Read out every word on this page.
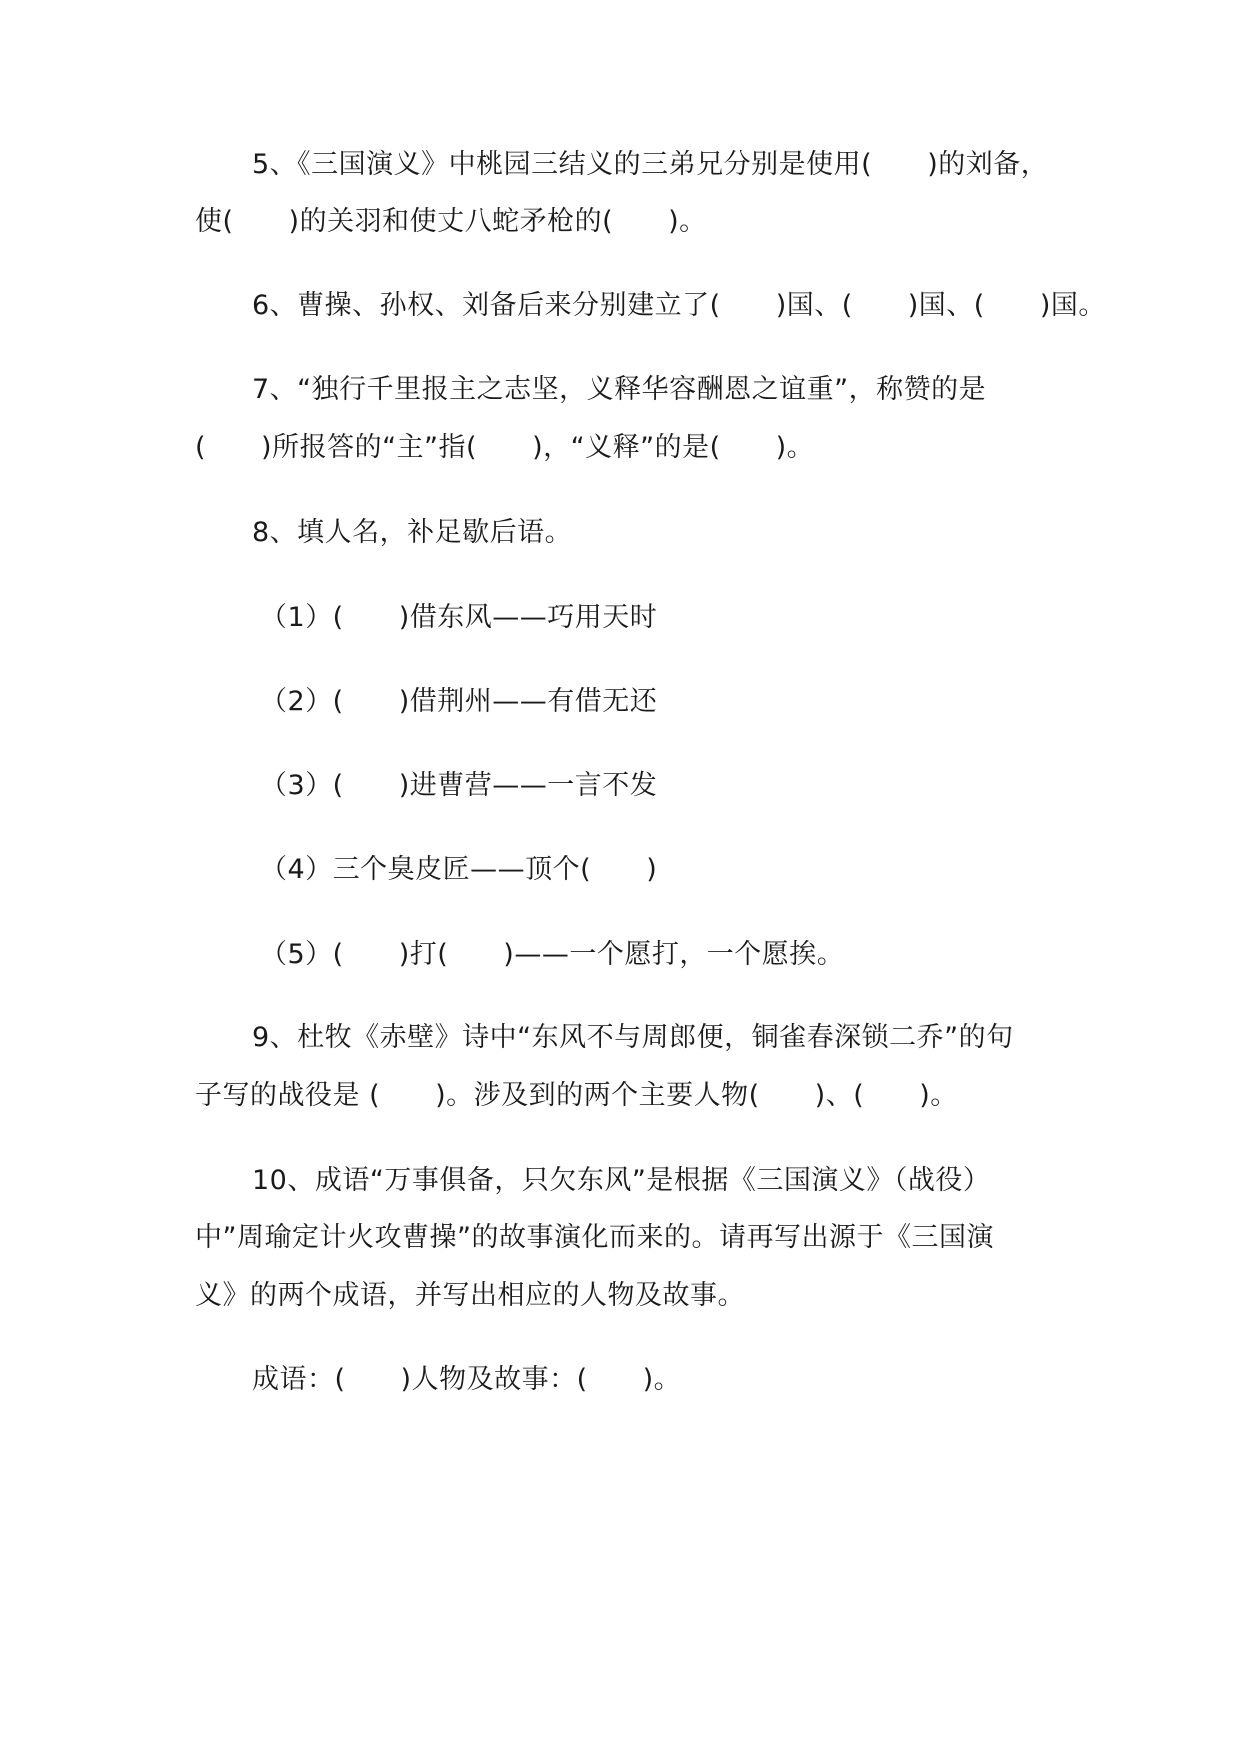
5、《三国演义》中桃园三结义的三弟兄分别是使用(　　)的刘备，
使(　　)的关羽和使丈八蛇矛枪的(　　)。
6、曹操、孙权、刘备后来分别建立了(　　)国、(　　)国、(　　)国。
7、“独行千里报主之志坚，义释华容酬恩之谊重”，称赞的是
(　　)所报答的“主”指(　　)，“义释”的是(　　)。
8、填人名，补足歇后语。
（1）(　　)借东风——巧用天时
（2）(　　)借荆州——有借无还
（3）(　　)进曹营——一言不发
（4）三个臭皮匠——顶个(　　)
（5）(　　)打(　　)——一个愿打，一个愿挨。
9、杜牧《赤壁》诗中“东风不与周郎便，铜雀春深锁二乔”的句
子写的战役是 (　　)。涉及到的两个主要人物(　　)、(　　)。
10、成语“万事俱备，只欠东风”是根据《三国演义》（战役）
中”周瑜定计火攻曹操”的故事演化而来的。请再写出源于《三国演
义》的两个成语，并写出相应的人物及故事。
成语：(　　)人物及故事：(　　)。
